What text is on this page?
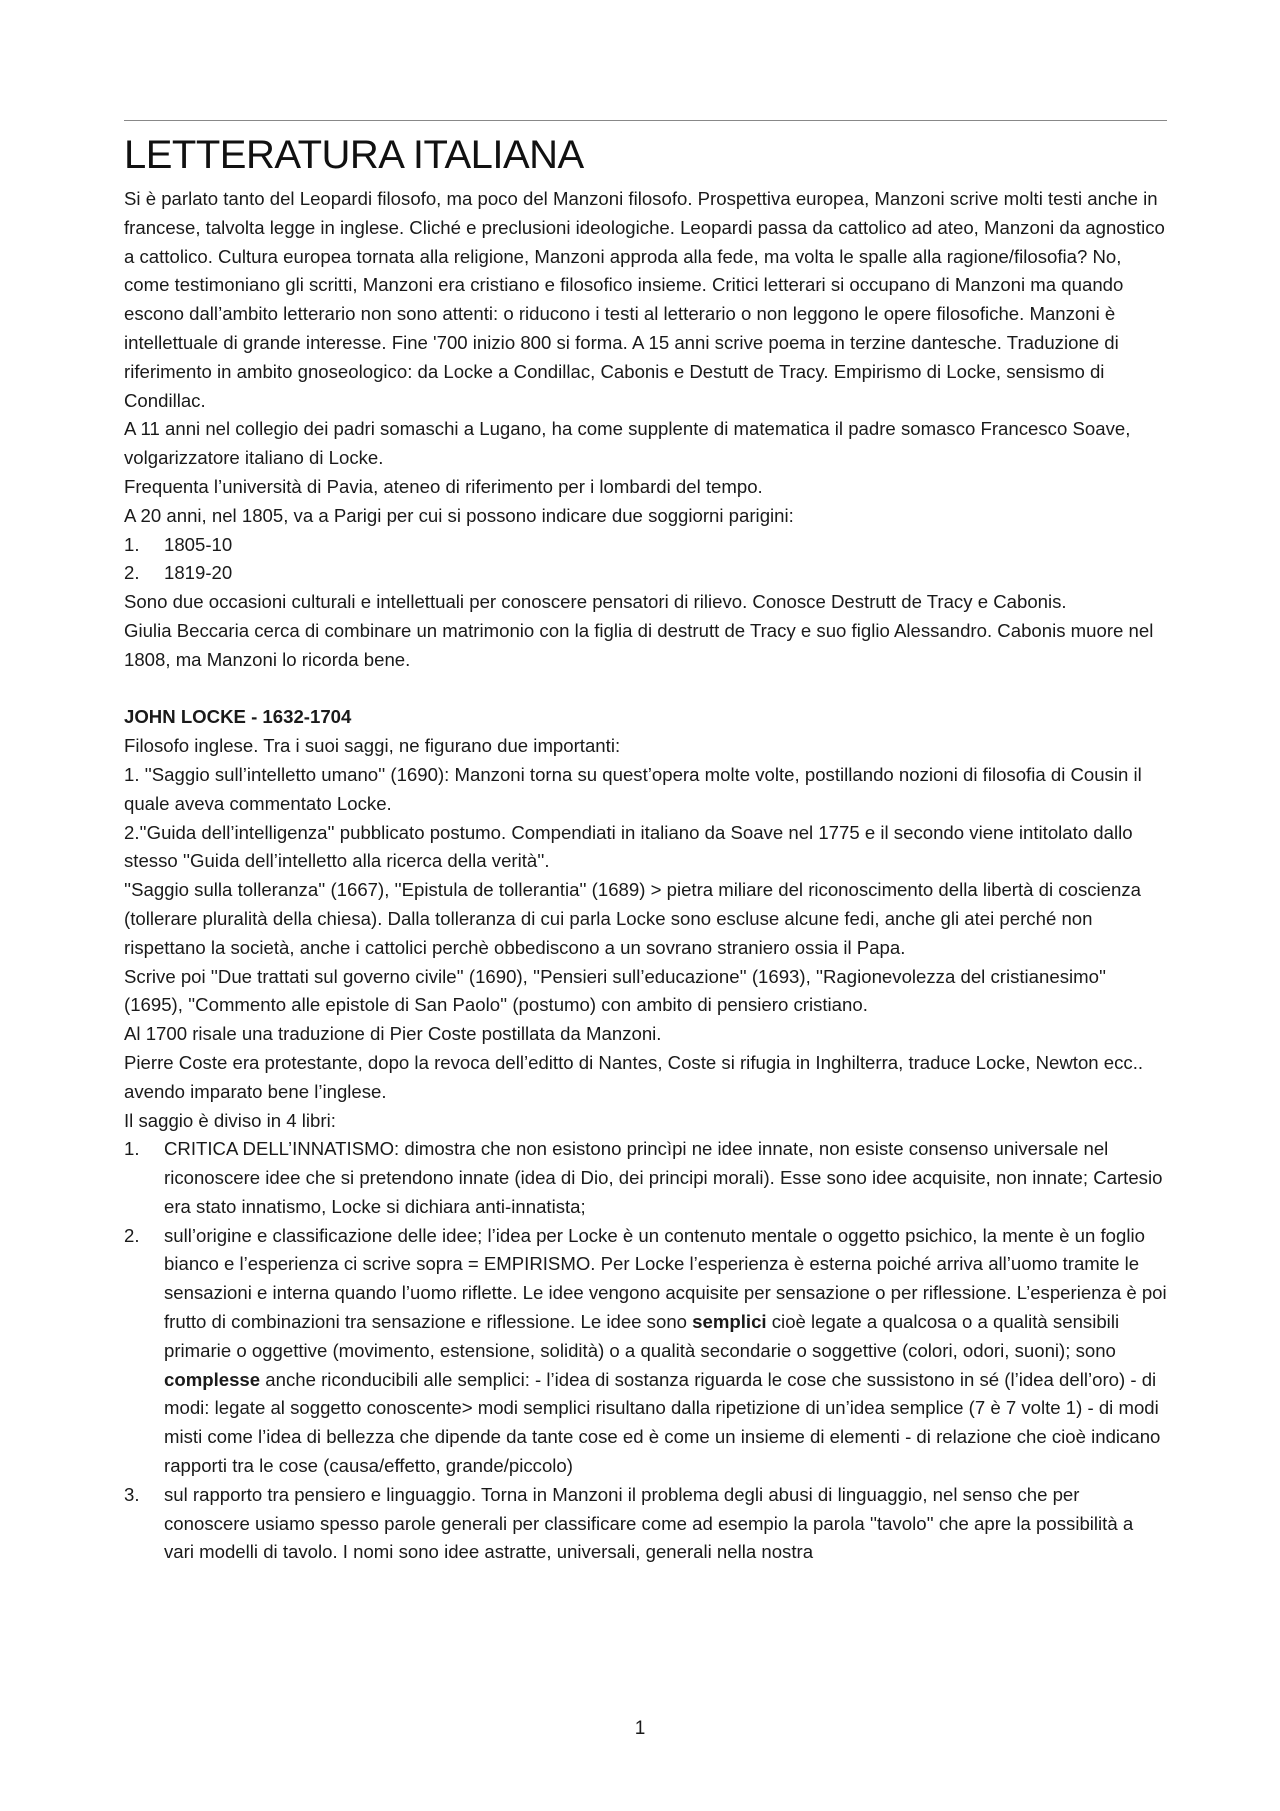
LETTERATURA ITALIANA

Si è parlato tanto del Leopardi filosofo, ma poco del Manzoni filosofo. Prospettiva europea, Manzoni scrive molti testi anche in francese, talvolta legge in inglese. Cliché e preclusioni ideologiche. Leopardi passa da cattolico ad ateo, Manzoni da agnostico a cattolico. Cultura europea tornata alla religione, Manzoni approda alla fede, ma volta le spalle alla ragione/filosofia? No, come testimoniano gli scritti, Manzoni era cristiano e filosofico insieme. Critici letterari si occupano di Manzoni ma quando escono dall’ambito letterario non sono attenti: o riducono i testi al letterario o non leggono le opere filosofiche. Manzoni è intellettuale di grande interesse. Fine '700 inizio 800 si forma. A 15 anni scrive poema in terzine dantesche. Traduzione di riferimento in ambito gnoseologico: da Locke a Condillac, Cabonis e Destutt de Tracy. Empirismo di Locke, sensismo di Condillac.

A 11 anni nel collegio dei padri somaschi a Lugano, ha come supplente di matematica il padre somasco Francesco Soave, volgarizzatore italiano di Locke.

Frequenta l’università di Pavia, ateneo di riferimento per i lombardi del tempo.

A 20 anni, nel 1805, va a Parigi per cui si possono indicare due soggiorni parigini:

1. 1805-10
2. 1819-20

Sono due occasioni culturali e intellettuali per conoscere pensatori di rilievo. Conosce Destrutt de Tracy e Cabonis.

Giulia Beccaria cerca di combinare un matrimonio con la figlia di destrutt de Tracy e suo figlio Alessandro. Cabonis muore nel 1808, ma Manzoni lo ricorda bene.

JOHN LOCKE - 1632-1704

Filosofo inglese. Tra i suoi saggi, ne figurano due importanti:

1. ''Saggio sull’intelletto umano'' (1690): Manzoni torna su quest’opera molte volte, postillando nozioni di filosofia di Cousin il quale aveva commentato Locke.

2.''Guida dell’intelligenza'' pubblicato postumo. Compendiati in italiano da Soave nel 1775 e il secondo viene intitolato dallo stesso ''Guida dell’intelletto alla ricerca della verità''.

''Saggio sulla tolleranza'' (1667), ''Epistula de tollerantia'' (1689) > pietra miliare del riconoscimento della libertà di coscienza (tollerare pluralità della chiesa). Dalla tolleranza di cui parla Locke sono escluse alcune fedi, anche gli atei perché non rispettano la società, anche i cattolici perchè obbediscono a un sovrano straniero ossia il Papa.

Scrive poi ''Due trattati sul governo civile'' (1690), ''Pensieri sull’educazione'' (1693), ''Ragionevolezza del cristianesimo'' (1695), ''Commento alle epistole di San Paolo'' (postumo) con ambito di pensiero cristiano.

Al 1700 risale una traduzione di Pier Coste postillata da Manzoni.

Pierre Coste era protestante, dopo la revoca dell’editto di Nantes, Coste si rifugia in Inghilterra, traduce Locke, Newton ecc.. avendo imparato bene l’inglese.

Il saggio è diviso in 4 libri:

1. CRITICA DELL’INNATISMO: dimostra che non esistono princìpi ne idee innate, non esiste consenso universale nel riconoscere idee che si pretendono innate (idea di Dio, dei principi morali). Esse sono idee acquisite, non innate; Cartesio era stato innatismo, Locke si dichiara anti-innatista;
2. sull’origine e classificazione delle idee; l’idea per Locke è un contenuto mentale o oggetto psichico, la mente è un foglio bianco e l’esperienza ci scrive sopra = EMPIRISMO. Per Locke l’esperienza è esterna poiché arriva all’uomo tramite le sensazioni e interna quando l’uomo riflette. Le idee vengono acquisite per sensazione o per riflessione. L’esperienza è poi frutto di combinazioni tra sensazione e riflessione. Le idee sono semplici cioè legate a qualcosa o a qualità sensibili primarie o oggettive (movimento, estensione, solidità) o a qualità secondarie o soggettive (colori, odori, suoni); sono complesse anche riconducibili alle semplici: - l’idea di sostanza riguarda le cose che sussistono in sé (l’idea dell’oro) - di modi: legate al soggetto conoscente> modi semplici risultano dalla ripetizione di un’idea semplice (7 è 7 volte 1) - di modi misti come l’idea di bellezza che dipende da tante cose ed è come un insieme di elementi - di relazione che cioè indicano rapporti tra le cose (causa/effetto, grande/piccolo)
3. sul rapporto tra pensiero e linguaggio. Torna in Manzoni il problema degli abusi di linguaggio, nel senso che per conoscere usiamo spesso parole generali per classificare come ad esempio la parola ''tavolo'' che apre la possibilità a vari modelli di tavolo. I nomi sono idee astratte, universali, generali nella nostra
1
